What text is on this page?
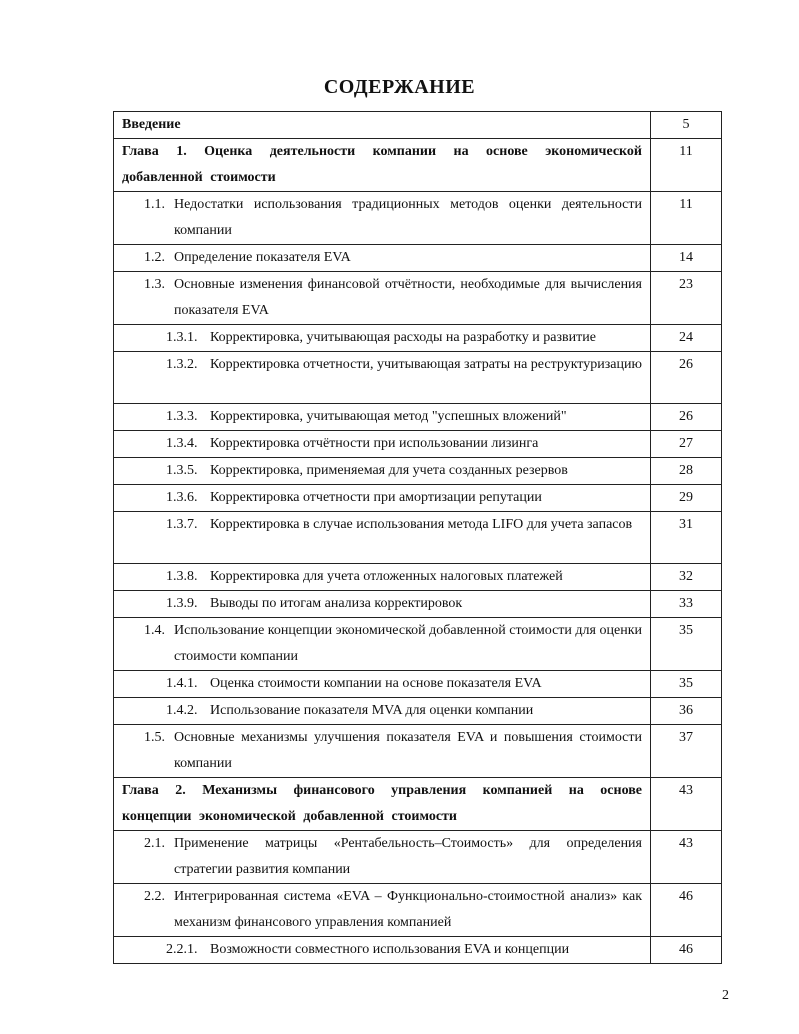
СОДЕРЖАНИЕ
Введение	5

Глава 1. Оценка деятельности компании на основе экономической добавленной стоимости	11

1.1. Недостатки использования традиционных методов оценки деятельности компании	11

1.2. Определение показателя EVA	14

1.3. Основные изменения финансовой отчётности, необходимые для вычисления показателя EVA	23

1.3.1. Корректировка, учитывающая расходы на разработку и развитие	24

1.3.2. Корректировка отчетности, учитывающая затраты на реструктуризацию	26

1.3.3. Корректировка, учитывающая метод "успешных вложений"	26

1.3.4. Корректировка отчётности при использовании лизинга	27

1.3.5. Корректировка, применяемая для учета созданных резервов	28

1.3.6. Корректировка отчетности при амортизации репутации	29

1.3.7. Корректировка в случае использования метода LIFO для учета запасов	31

1.3.8. Корректировка для учета отложенных налоговых платежей	32

1.3.9. Выводы по итогам анализа корректировок	33

1.4. Использование концепции экономической добавленной стоимости для оценки стоимости компании	35

1.4.1. Оценка стоимости компании на основе показателя EVA	35

1.4.2. Использование показателя MVA для оценки компании	36

1.5. Основные механизмы улучшения показателя EVA и повышения стоимости компании	37

Глава 2. Механизмы финансового управления компанией на основе концепции экономической добавленной стоимости	43

2.1. Применение матрицы «Рентабельность–Стоимость» для определения стратегии развития компании	43

2.2. Интегрированная система «EVA – Функционально-стоимостной анализ» как механизм финансового управления компанией	46

2.2.1. Возможности совместного использования EVA и концепции	46
2
